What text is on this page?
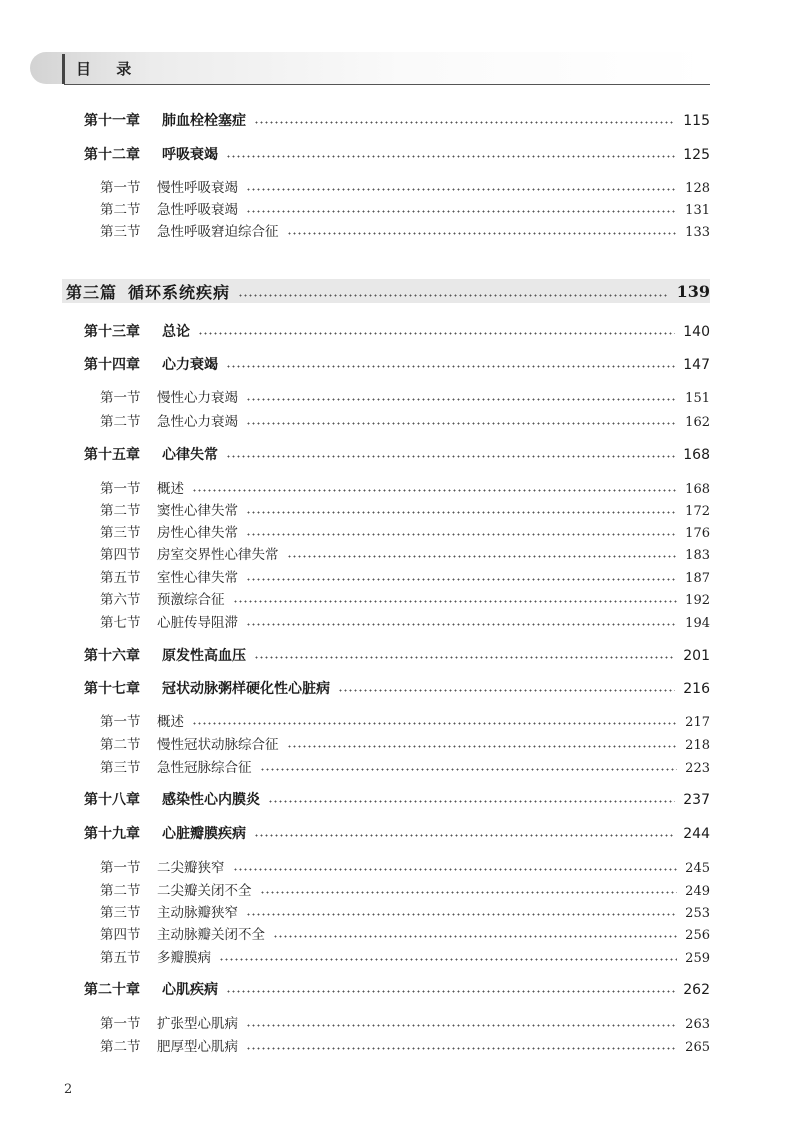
目 录
第十一章	肺血栓栓塞症	115
第十二章	呼吸衰竭	125
第一节	慢性呼吸衰竭	128
第二节	急性呼吸衰竭	131
第三节	急性呼吸窘迫综合征	133
第三篇 循环系统疾病	139
第十三章	总论	140
第十四章	心力衰竭	147
第一节	慢性心力衰竭	151
第二节	急性心力衰竭	162
第十五章	心律失常	168
第一节	概述	168
第二节	窦性心律失常	172
第三节	房性心律失常	176
第四节	房室交界性心律失常	183
第五节	室性心律失常	187
第六节	预激综合征	192
第七节	心脏传导阻滞	194
第十六章	原发性高血压	201
第十七章	冠状动脉粥样硬化性心脏病	216
第一节	概述	217
第二节	慢性冠状动脉综合征	218
第三节	急性冠脉综合征	223
第十八章	感染性心内膜炎	237
第十九章	心脏瓣膜疾病	244
第一节	二尖瓣狭窄	245
第二节	二尖瓣关闭不全	249
第三节	主动脉瓣狭窄	253
第四节	主动脉瓣关闭不全	256
第五节	多瓣膜病	259
第二十章	心肌疾病	262
第一节	扩张型心肌病	263
第二节	肥厚型心肌病	265
2
